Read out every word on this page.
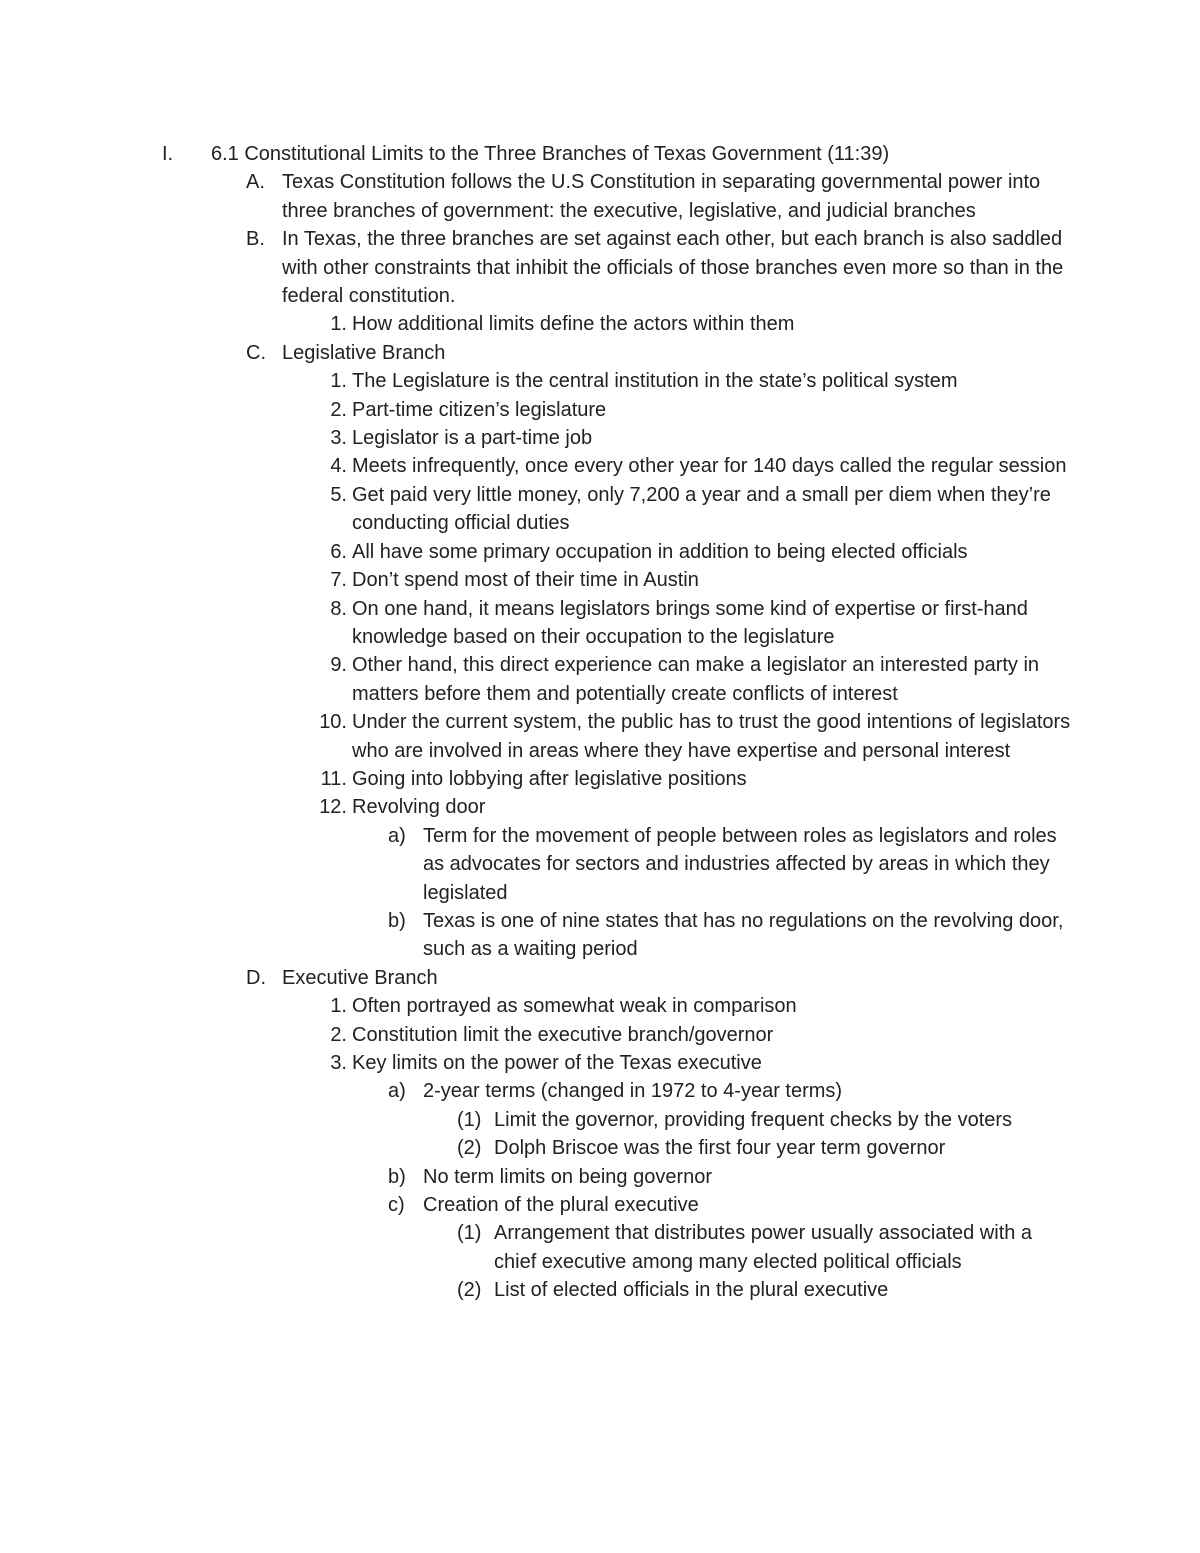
I. 6.1 Constitutional Limits to the Three Branches of Texas Government (11:39)
A. Texas Constitution follows the U.S Constitution in separating governmental power into three branches of government: the executive, legislative, and judicial branches
B. In Texas, the three branches are set against each other, but each branch is also saddled with other constraints that inhibit the officials of those branches even more so than in the federal constitution.
1. How additional limits define the actors within them
C. Legislative Branch
1. The Legislature is the central institution in the state’s political system
2. Part-time citizen’s legislature
3. Legislator is a part-time job
4. Meets infrequently, once every other year for 140 days called the regular session
5. Get paid very little money, only 7,200 a year and a small per diem when they’re conducting official duties
6. All have some primary occupation in addition to being elected officials
7. Don’t spend most of their time in Austin
8. On one hand, it means legislators brings some kind of expertise or first-hand knowledge based on their occupation to the legislature
9. Other hand, this direct experience can make a legislator an interested party in matters before them and potentially create conflicts of interest
10. Under the current system, the public has to trust the good intentions of legislators who are involved in areas where they have expertise and personal interest
11. Going into lobbying after legislative positions
12. Revolving door
a) Term for the movement of people between roles as legislators and roles as advocates for sectors and industries affected by areas in which they legislated
b) Texas is one of nine states that has no regulations on the revolving door, such as a waiting period
D. Executive Branch
1. Often portrayed as somewhat weak in comparison
2. Constitution limit the executive branch/governor
3. Key limits on the power of the Texas executive
a) 2-year terms (changed in 1972 to 4-year terms)
(1) Limit the governor, providing frequent checks by the voters
(2) Dolph Briscoe was the first four year term governor
b) No term limits on being governor
c) Creation of the plural executive
(1) Arrangement that distributes power usually associated with a chief executive among many elected political officials
(2) List of elected officials in the plural executive
